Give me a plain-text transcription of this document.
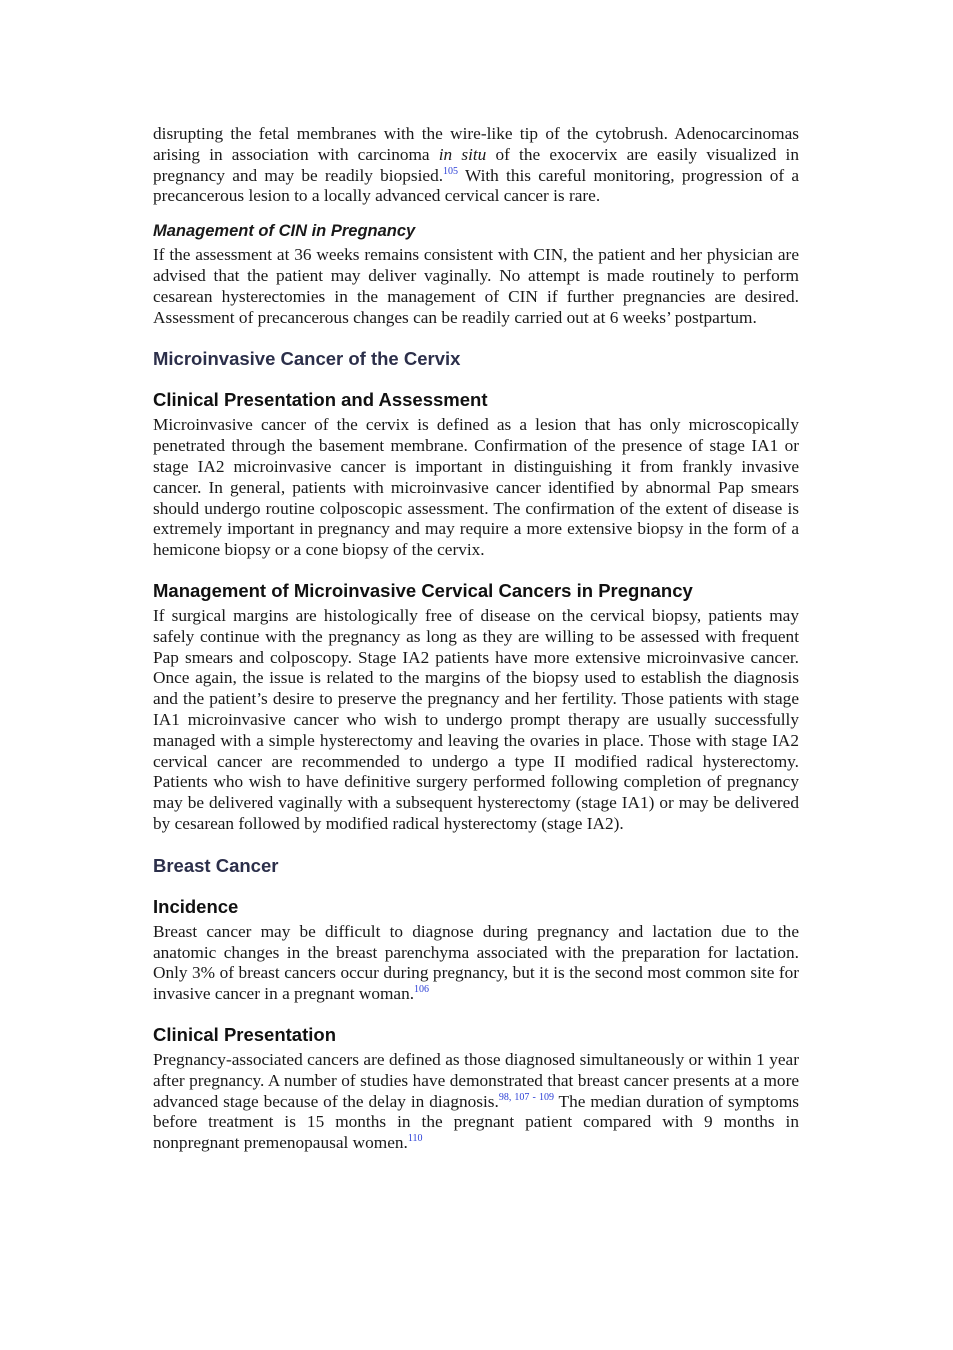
disrupting the fetal membranes with the wire-like tip of the cytobrush. Adenocarcinomas arising in association with carcinoma in situ of the exocervix are easily visualized in pregnancy and may be readily biopsied.$^{105}$ With this careful monitoring, progression of a precancerous lesion to a locally advanced cervical cancer is rare.

Management of CIN in Pregnancy

If the assessment at 36 weeks remains consistent with CIN, the patient and her physician are advised that the patient may deliver vaginally. No attempt is made routinely to perform cesarean hysterectomies in the management of CIN if further pregnancies are desired. Assessment of precancerous changes can be readily carried out at 6 weeks’ postpartum.

Microinvasive Cancer of the Cervix
Clinical Presentation and Assessment

Microinvasive cancer of the cervix is defined as a lesion that has only microscopically penetrated through the basement membrane. Confirmation of the presence of stage IA1 or stage IA2 microinvasive cancer is important in distinguishing it from frankly invasive cancer. In general, patients with microinvasive cancer identified by abnormal Pap smears should undergo routine colposcopic assessment. The confirmation of the extent of disease is extremely important in pregnancy and may require a more extensive biopsy in the form of a hemicone biopsy or a cone biopsy of the cervix.

Management of Microinvasive Cervical Cancers in Pregnancy

If surgical margins are histologically free of disease on the cervical biopsy, patients may safely continue with the pregnancy as long as they are willing to be assessed with frequent Pap smears and colposcopy. Stage IA2 patients have more extensive microinvasive cancer. Once again, the issue is related to the margins of the biopsy used to establish the diagnosis and the patient’s desire to preserve the pregnancy and her fertility. Those patients with stage IA1 microinvasive cancer who wish to undergo prompt therapy are usually successfully managed with a simple hysterectomy and leaving the ovaries in place. Those with stage IA2 cervical cancer are recommended to undergo a type II modified radical hysterectomy. Patients who wish to have definitive surgery performed following completion of pregnancy may be delivered vaginally with a subsequent hysterectomy (stage IA1) or may be delivered by cesarean followed by modified radical hysterectomy (stage IA2).

Breast Cancer
Incidence

Breast cancer may be difficult to diagnose during pregnancy and lactation due to the anatomic changes in the breast parenchyma associated with the preparation for lactation. Only 3% of breast cancers occur during pregnancy, but it is the second most common site for invasive cancer in a pregnant woman.$^{106}$

Clinical Presentation

Pregnancy-associated cancers are defined as those diagnosed simultaneously or within 1 year after pregnancy. A number of studies have demonstrated that breast cancer presents at a more advanced stage because of the delay in diagnosis.$^{98, 107 - 109}$ The median duration of symptoms before treatment is 15 months in the pregnant patient compared with 9 months in nonpregnant premenopausal women.$^{110}$
